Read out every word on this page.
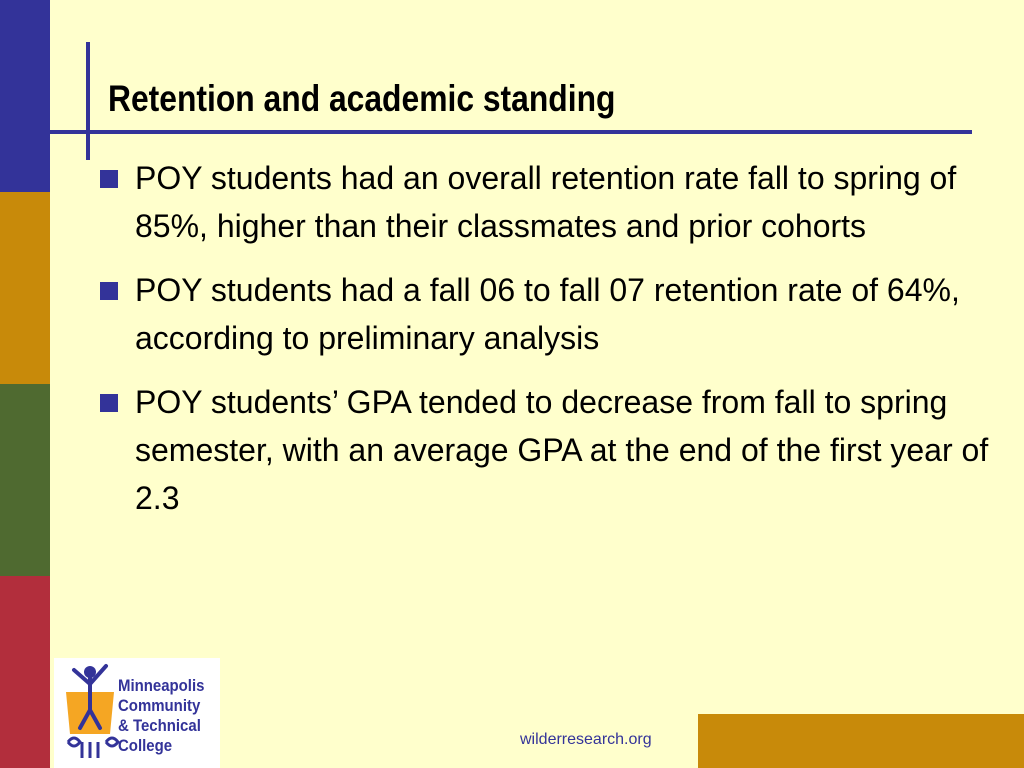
Retention and academic standing
POY students had an overall retention rate fall to spring of 85%, higher than their classmates and prior cohorts
POY students had a fall 06 to fall 07 retention rate of 64%, according to preliminary analysis
POY students’ GPA tended to decrease from fall to spring semester, with an average GPA at the end of the first year of 2.3
Minneapolis
Community
& Technical
College	wilderresearch.org
